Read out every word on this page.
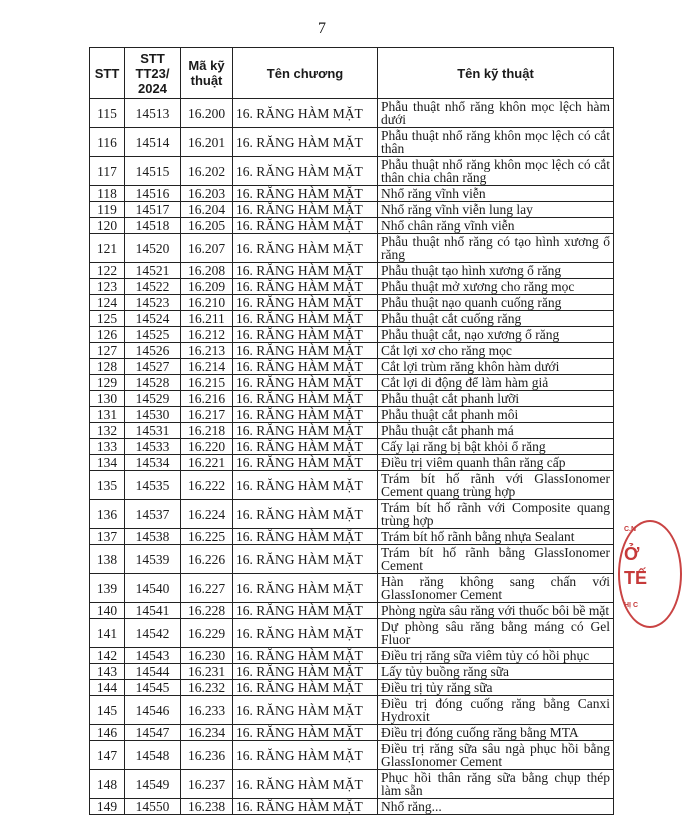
7
STT	STT TT23/ 2024	Mã kỹ thuật	Tên chương	Tên kỹ thuật
115	14513	16.200	16. RĂNG HÀM MẶT	Phẫu thuật nhổ răng khôn mọc lệch hàm dưới
116	14514	16.201	16. RĂNG HÀM MẶT	Phẫu thuật nhổ răng khôn mọc lệch có cắt thân
117	14515	16.202	16. RĂNG HÀM MẶT	Phẫu thuật nhổ răng khôn mọc lệch có cắt thân chia chân răng
118	14516	16.203	16. RĂNG HÀM MẶT	Nhổ răng vĩnh viễn
119	14517	16.204	16. RĂNG HÀM MẶT	Nhổ răng vĩnh viễn lung lay
120	14518	16.205	16. RĂNG HÀM MẶT	Nhổ chân răng vĩnh viễn
121	14520	16.207	16. RĂNG HÀM MẶT	Phẫu thuật nhổ răng có tạo hình xương ổ răng
122	14521	16.208	16. RĂNG HÀM MẶT	Phẫu thuật tạo hình xương ổ răng
123	14522	16.209	16. RĂNG HÀM MẶT	Phẫu thuật mở xương cho răng mọc
124	14523	16.210	16. RĂNG HÀM MẶT	Phẫu thuật nạo quanh cuống răng
125	14524	16.211	16. RĂNG HÀM MẶT	Phẫu thuật cắt cuống răng
126	14525	16.212	16. RĂNG HÀM MẶT	Phẫu thuật cắt, nạo xương ổ răng
127	14526	16.213	16. RĂNG HÀM MẶT	Cắt lợi xơ cho răng mọc
128	14527	16.214	16. RĂNG HÀM MẶT	Cắt lợi trùm răng khôn hàm dưới
129	14528	16.215	16. RĂNG HÀM MẶT	Cắt lợi di động để làm hàm giả
130	14529	16.216	16. RĂNG HÀM MẶT	Phẫu thuật cắt phanh lưỡi
131	14530	16.217	16. RĂNG HÀM MẶT	Phẫu thuật cắt phanh môi
132	14531	16.218	16. RĂNG HÀM MẶT	Phẫu thuật cắt phanh má
133	14533	16.220	16. RĂNG HÀM MẶT	Cấy lại răng bị bật khỏi ổ răng
134	14534	16.221	16. RĂNG HÀM MẶT	Điều trị viêm quanh thân răng cấp
135	14535	16.222	16. RĂNG HÀM MẶT	Trám bít hố rãnh với GlassIonomer Cement quang trùng hợp
136	14537	16.224	16. RĂNG HÀM MẶT	Trám bít hố rãnh với Composite quang trùng hợp
137	14538	16.225	16. RĂNG HÀM MẶT	Trám bít hố rãnh bằng nhựa Sealant
138	14539	16.226	16. RĂNG HÀM MẶT	Trám bít hố rãnh bằng GlassIonomer Cement
139	14540	16.227	16. RĂNG HÀM MẶT	Hàn răng không sang chấn với GlassIonomer Cement
140	14541	16.228	16. RĂNG HÀM MẶT	Phòng ngừa sâu răng với thuốc bôi bề mặt
141	14542	16.229	16. RĂNG HÀM MẶT	Dự phòng sâu răng bằng máng có Gel Fluor
142	14543	16.230	16. RĂNG HÀM MẶT	Điều trị răng sữa viêm tủy có hồi phục
143	14544	16.231	16. RĂNG HÀM MẶT	Lấy tủy buồng răng sữa
144	14545	16.232	16. RĂNG HÀM MẶT	Điều trị tủy răng sữa
145	14546	16.233	16. RĂNG HÀM MẶT	Điều trị đóng cuống răng bằng Canxi Hydroxit
146	14547	16.234	16. RĂNG HÀM MẶT	Điều trị đóng cuống răng bằng MTA
147	14548	16.236	16. RĂNG HÀM MẶT	Điều trị răng sữa sâu ngà phục hồi bằng GlassIonomer Cement
148	14549	16.237	16. RĂNG HÀM MẶT	Phục hồi thân răng sữa bằng chụp thép làm sẵn
149	14550	16.238	16. RĂNG HÀM MẶT	Nhổ răng...
C.N
Ở
TẾ
HỊ C
